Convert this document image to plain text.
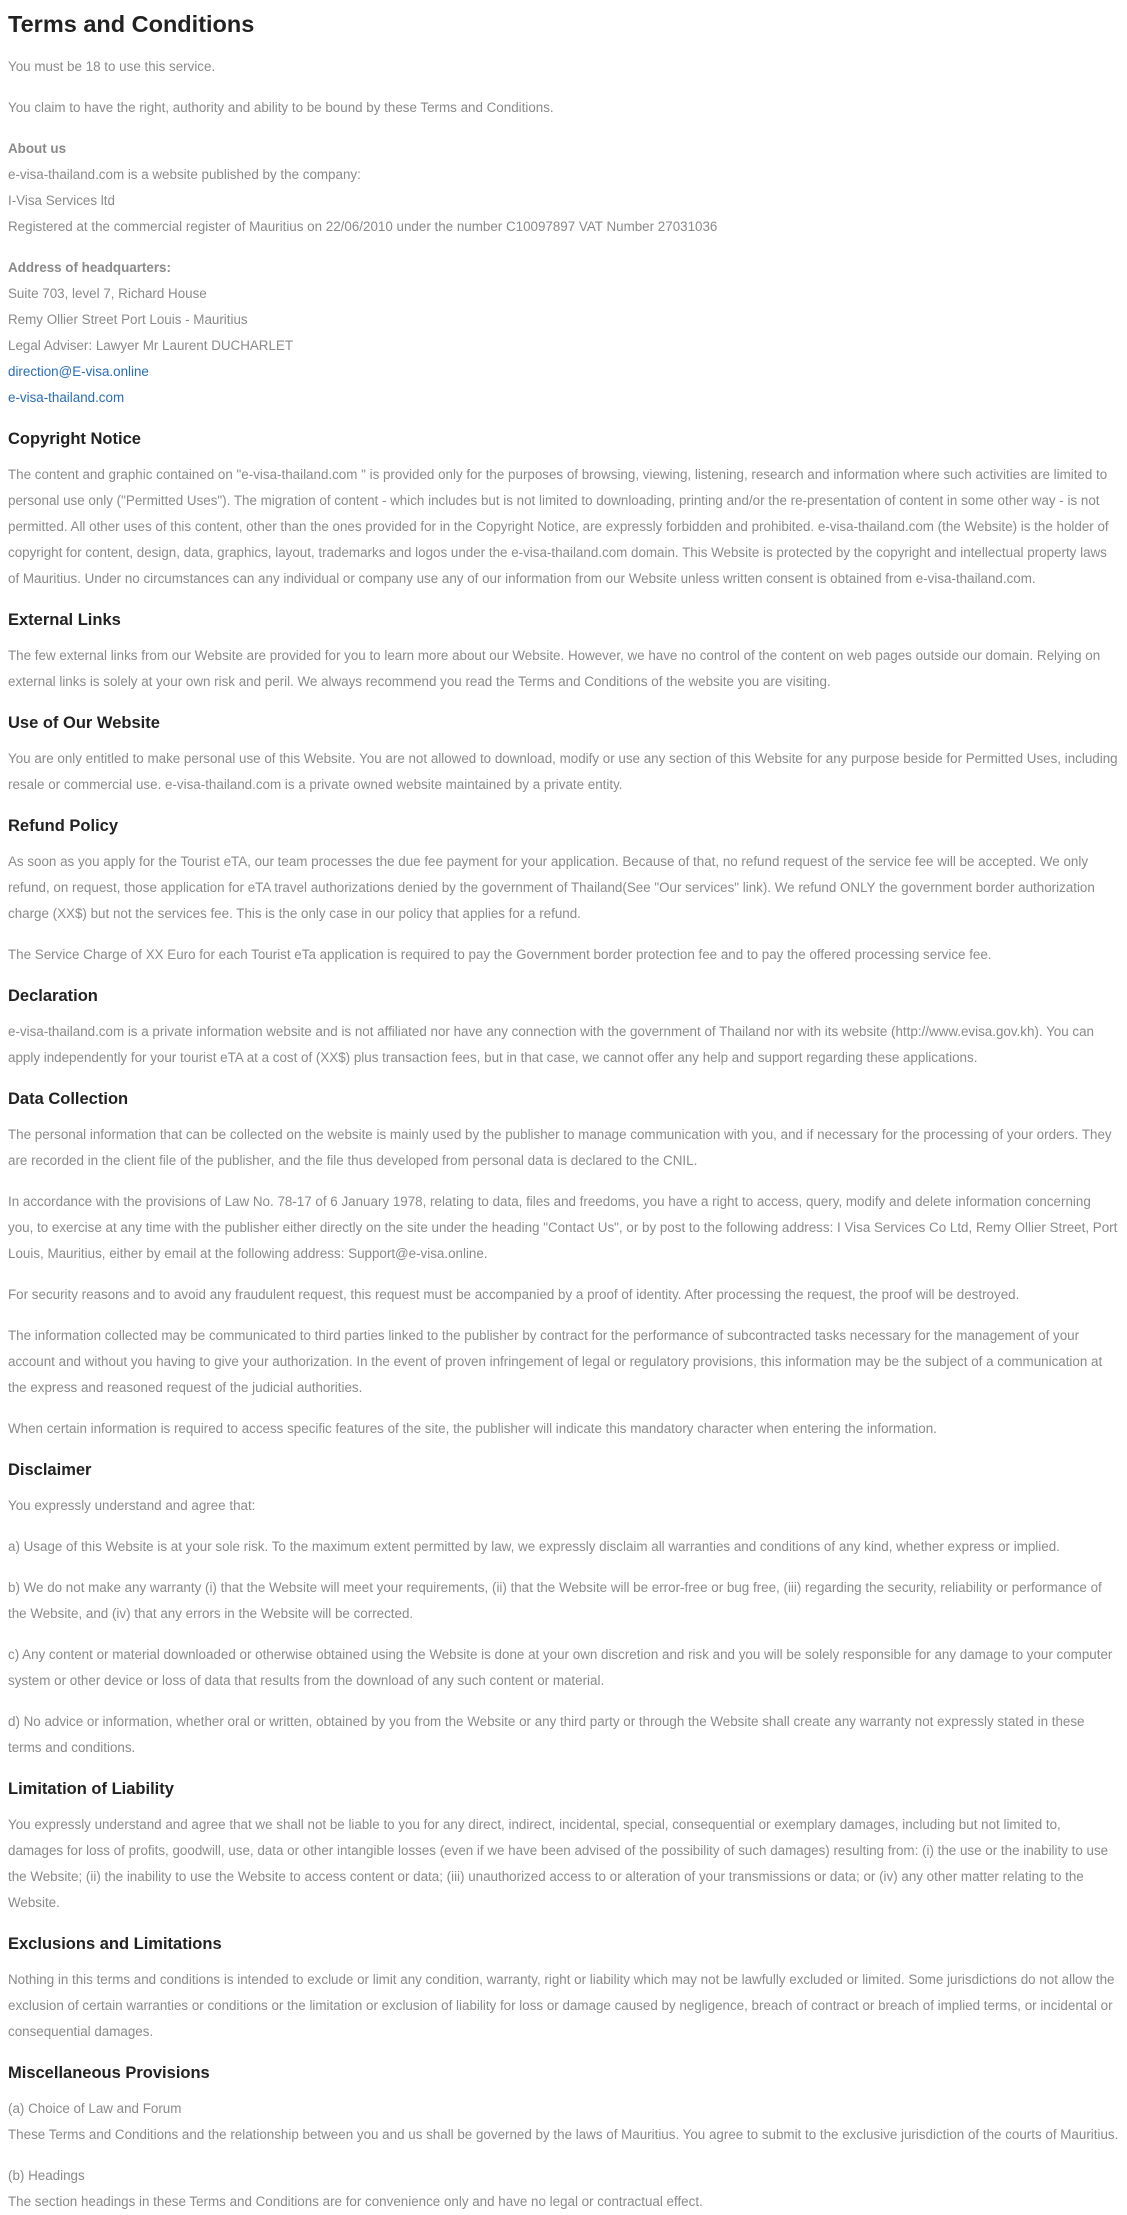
Terms and Conditions

You must be 18 to use this service.

You claim to have the right, authority and ability to be bound by these Terms and Conditions.

About us
e-visa-thailand.com is a website published by the company:
I-Visa Services ltd
Registered at the commercial register of Mauritius on 22/06/2010 under the number C10097897 VAT Number 27031036
Address of headquarters:
Suite 703, level 7, Richard House
Remy Ollier Street Port Louis - Mauritius
Legal Adviser: Lawyer Mr Laurent DUCHARLET
direction@E-visa.online
e-visa-thailand.com
Copyright Notice

The content and graphic contained on "e-visa-thailand.com " is provided only for the purposes of browsing, viewing, listening, research and information where such activities are limited to personal use only ("Permitted Uses"). The migration of content - which includes but is not limited to downloading, printing and/or the re-presentation of content in some other way - is not permitted. All other uses of this content, other than the ones provided for in the Copyright Notice, are expressly forbidden and prohibited. e-visa-thailand.com (the Website) is the holder of copyright for content, design, data, graphics, layout, trademarks and logos under the e-visa-thailand.com domain. This Website is protected by the copyright and intellectual property laws of Mauritius. Under no circumstances can any individual or company use any of our information from our Website unless written consent is obtained from e-visa-thailand.com.

External Links

The few external links from our Website are provided for you to learn more about our Website. However, we have no control of the content on web pages outside our domain. Relying on external links is solely at your own risk and peril. We always recommend you read the Terms and Conditions of the website you are visiting.

Use of Our Website

You are only entitled to make personal use of this Website. You are not allowed to download, modify or use any section of this Website for any purpose beside for Permitted Uses, including resale or commercial use. e-visa-thailand.com is a private owned website maintained by a private entity.

Refund Policy

As soon as you apply for the Tourist eTA, our team processes the due fee payment for your application. Because of that, no refund request of the service fee will be accepted. We only refund, on request, those application for eTA travel authorizations denied by the government of Thailand(See "Our services" link). We refund ONLY the government border authorization charge (XX$) but not the services fee. This is the only case in our policy that applies for a refund.

The Service Charge of XX Euro for each Tourist eTa application is required to pay the Government border protection fee and to pay the offered processing service fee.

Declaration

e-visa-thailand.com is a private information website and is not affiliated nor have any connection with the government of Thailand nor with its website (http://www.evisa.gov.kh). You can apply independently for your tourist eTA at a cost of (XX$) plus transaction fees, but in that case, we cannot offer any help and support regarding these applications.

Data Collection

The personal information that can be collected on the website is mainly used by the publisher to manage communication with you, and if necessary for the processing of your orders. They are recorded in the client file of the publisher, and the file thus developed from personal data is declared to the CNIL.

In accordance with the provisions of Law No. 78-17 of 6 January 1978, relating to data, files and freedoms, you have a right to access, query, modify and delete information concerning you, to exercise at any time with the publisher either directly on the site under the heading "Contact Us", or by post to the following address: I Visa Services Co Ltd, Remy Ollier Street, Port Louis, Mauritius, either by email at the following address: Support@e-visa.online.

For security reasons and to avoid any fraudulent request, this request must be accompanied by a proof of identity. After processing the request, the proof will be destroyed.

The information collected may be communicated to third parties linked to the publisher by contract for the performance of subcontracted tasks necessary for the management of your account and without you having to give your authorization. In the event of proven infringement of legal or regulatory provisions, this information may be the subject of a communication at the express and reasoned request of the judicial authorities.

When certain information is required to access specific features of the site, the publisher will indicate this mandatory character when entering the information.

Disclaimer

You expressly understand and agree that:

a) Usage of this Website is at your sole risk. To the maximum extent permitted by law, we expressly disclaim all warranties and conditions of any kind, whether express or implied.

b) We do not make any warranty (i) that the Website will meet your requirements, (ii) that the Website will be error-free or bug free, (iii) regarding the security, reliability or performance of the Website, and (iv) that any errors in the Website will be corrected.

c) Any content or material downloaded or otherwise obtained using the Website is done at your own discretion and risk and you will be solely responsible for any damage to your computer system or other device or loss of data that results from the download of any such content or material.

d) No advice or information, whether oral or written, obtained by you from the Website or any third party or through the Website shall create any warranty not expressly stated in these terms and conditions.

Limitation of Liability

You expressly understand and agree that we shall not be liable to you for any direct, indirect, incidental, special, consequential or exemplary damages, including but not limited to, damages for loss of profits, goodwill, use, data or other intangible losses (even if we have been advised of the possibility of such damages) resulting from: (i) the use or the inability to use the Website; (ii) the inability to use the Website to access content or data; (iii) unauthorized access to or alteration of your transmissions or data; or (iv) any other matter relating to the Website.

Exclusions and Limitations

Nothing in this terms and conditions is intended to exclude or limit any condition, warranty, right or liability which may not be lawfully excluded or limited. Some jurisdictions do not allow the exclusion of certain warranties or conditions or the limitation or exclusion of liability for loss or damage caused by negligence, breach of contract or breach of implied terms, or incidental or consequential damages.

Miscellaneous Provisions

(a) Choice of Law and Forum
These Terms and Conditions and the relationship between you and us shall be governed by the laws of Mauritius. You agree to submit to the exclusive jurisdiction of the courts of Mauritius.

(b) Headings
The section headings in these Terms and Conditions are for convenience only and have no legal or contractual effect.
